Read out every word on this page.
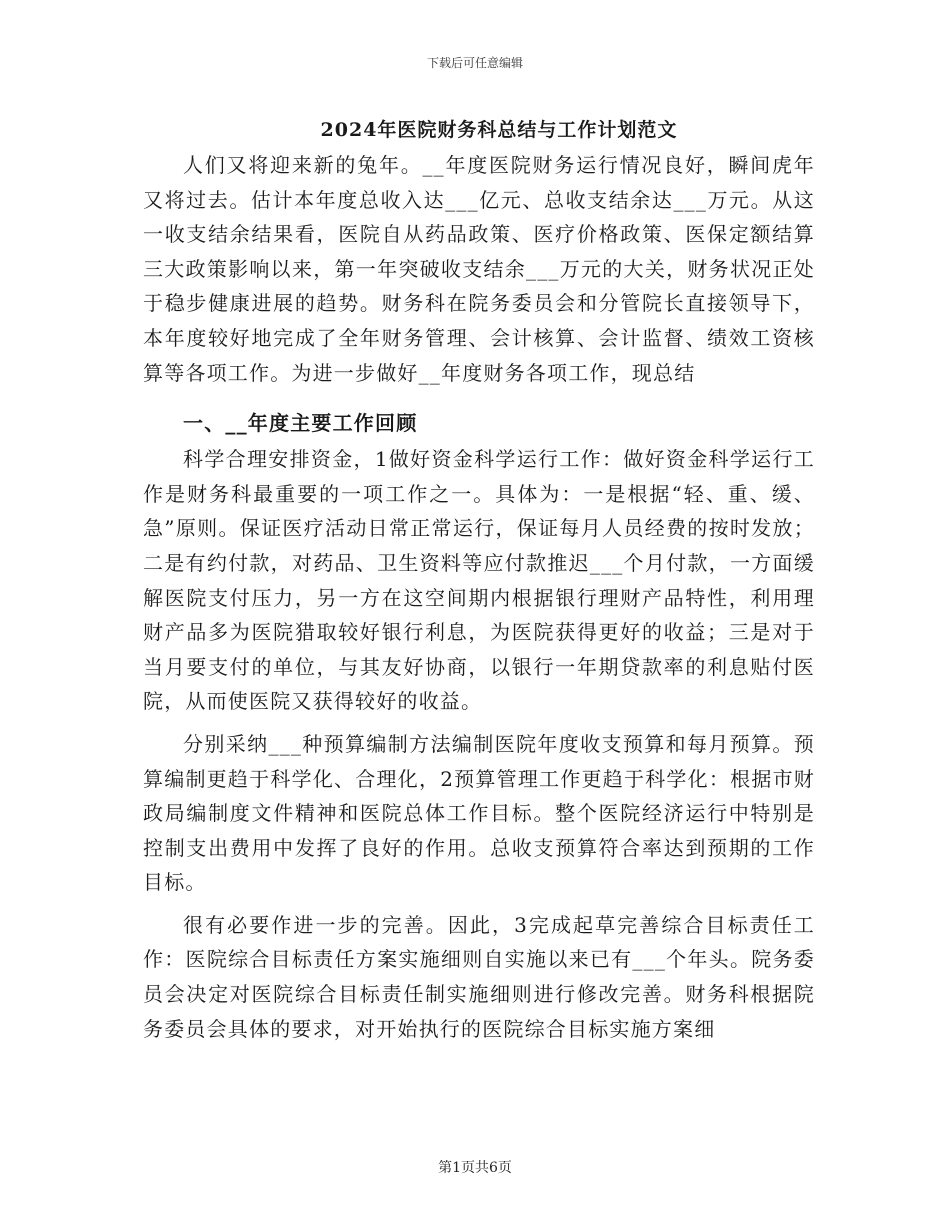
下载后可任意编辑
2024年医院财务科总结与工作计划范文

人们又将迎来新的兔年。__年度医院财务运行情况良好，瞬间虎年又将过去。估计本年度总收入达___亿元、总收支结余达___万元。从这一收支结余结果看，医院自从药品政策、医疗价格政策、医保定额结算三大政策影响以来，第一年突破收支结余___万元的大关，财务状况正处于稳步健康进展的趋势。财务科在院务委员会和分管院长直接领导下，本年度较好地完成了全年财务管理、会计核算、会计监督、绩效工资核算等各项工作。为进一步做好__年度财务各项工作，现总结

一、__年度主要工作回顾

科学合理安排资金，1做好资金科学运行工作：做好资金科学运行工作是财务科最重要的一项工作之一。具体为：一是根据“轻、重、缓、急”原则。保证医疗活动日常正常运行，保证每月人员经费的按时发放；二是有约付款，对药品、卫生资料等应付款推迟___个月付款，一方面缓解医院支付压力，另一方在这空间期内根据银行理财产品特性，利用理财产品多为医院猎取较好银行利息，为医院获得更好的收益；三是对于当月要支付的单位，与其友好协商，以银行一年期贷款率的利息贴付医院，从而使医院又获得较好的收益。

分别采纳___种预算编制方法编制医院年度收支预算和每月预算。预算编制更趋于科学化、合理化，2预算管理工作更趋于科学化：根据市财政局编制度文件精神和医院总体工作目标。整个医院经济运行中特别是控制支出费用中发挥了良好的作用。总收支预算符合率达到预期的工作目标。

很有必要作进一步的完善。因此，3完成起草完善综合目标责任工作：医院综合目标责任方案实施细则自实施以来已有___个年头。院务委员会决定对医院综合目标责任制实施细则进行修改完善。财务科根据院务委员会具体的要求，对开始执行的医院综合目标实施方案细

第1页共6页
